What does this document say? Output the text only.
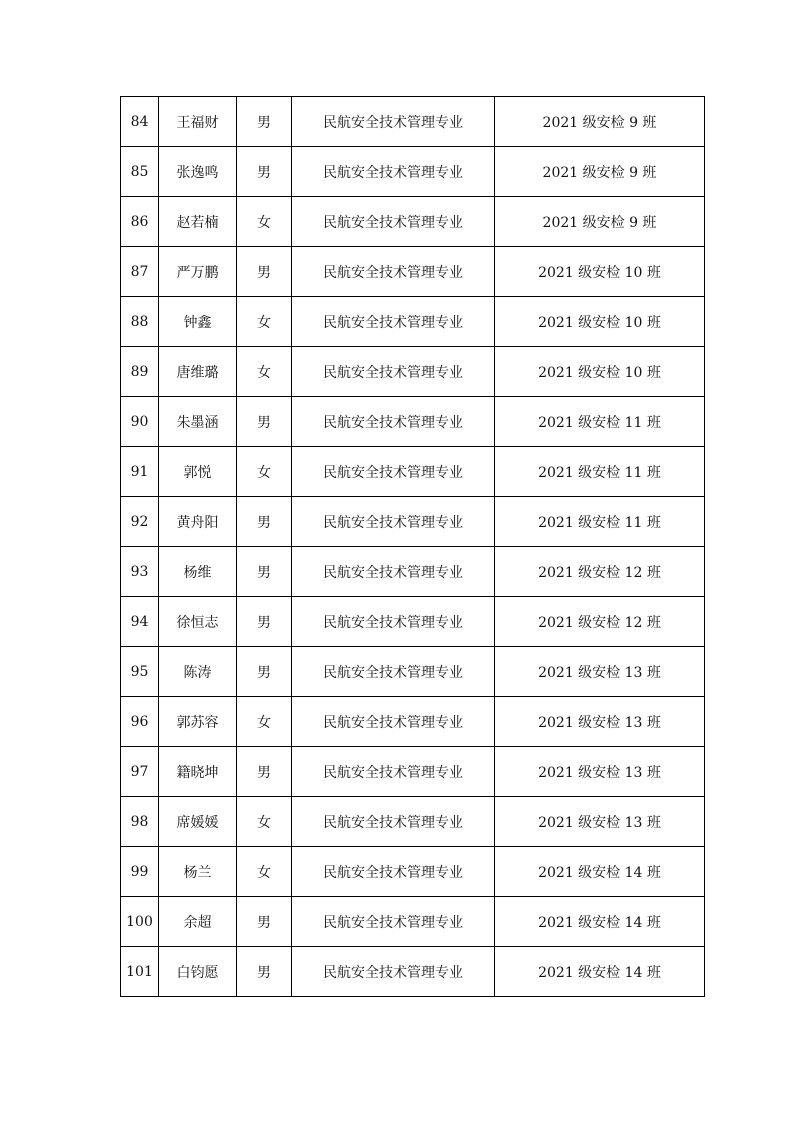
84	王福财	男	民航安全技术管理专业	2021 级安检 9 班
85	张逸鸣	男	民航安全技术管理专业	2021 级安检 9 班
86	赵若楠	女	民航安全技术管理专业	2021 级安检 9 班
87	严万鹏	男	民航安全技术管理专业	2021 级安检 10 班
88	钟鑫	女	民航安全技术管理专业	2021 级安检 10 班
89	唐维璐	女	民航安全技术管理专业	2021 级安检 10 班
90	朱墨涵	男	民航安全技术管理专业	2021 级安检 11 班
91	郭悦	女	民航安全技术管理专业	2021 级安检 11 班
92	黄舟阳	男	民航安全技术管理专业	2021 级安检 11 班
93	杨维	男	民航安全技术管理专业	2021 级安检 12 班
94	徐恒志	男	民航安全技术管理专业	2021 级安检 12 班
95	陈涛	男	民航安全技术管理专业	2021 级安检 13 班
96	郭苏容	女	民航安全技术管理专业	2021 级安检 13 班
97	籍晓坤	男	民航安全技术管理专业	2021 级安检 13 班
98	席媛媛	女	民航安全技术管理专业	2021 级安检 13 班
99	杨兰	女	民航安全技术管理专业	2021 级安检 14 班
100	余超	男	民航安全技术管理专业	2021 级安检 14 班
101	白钧愿	男	民航安全技术管理专业	2021 级安检 14 班
